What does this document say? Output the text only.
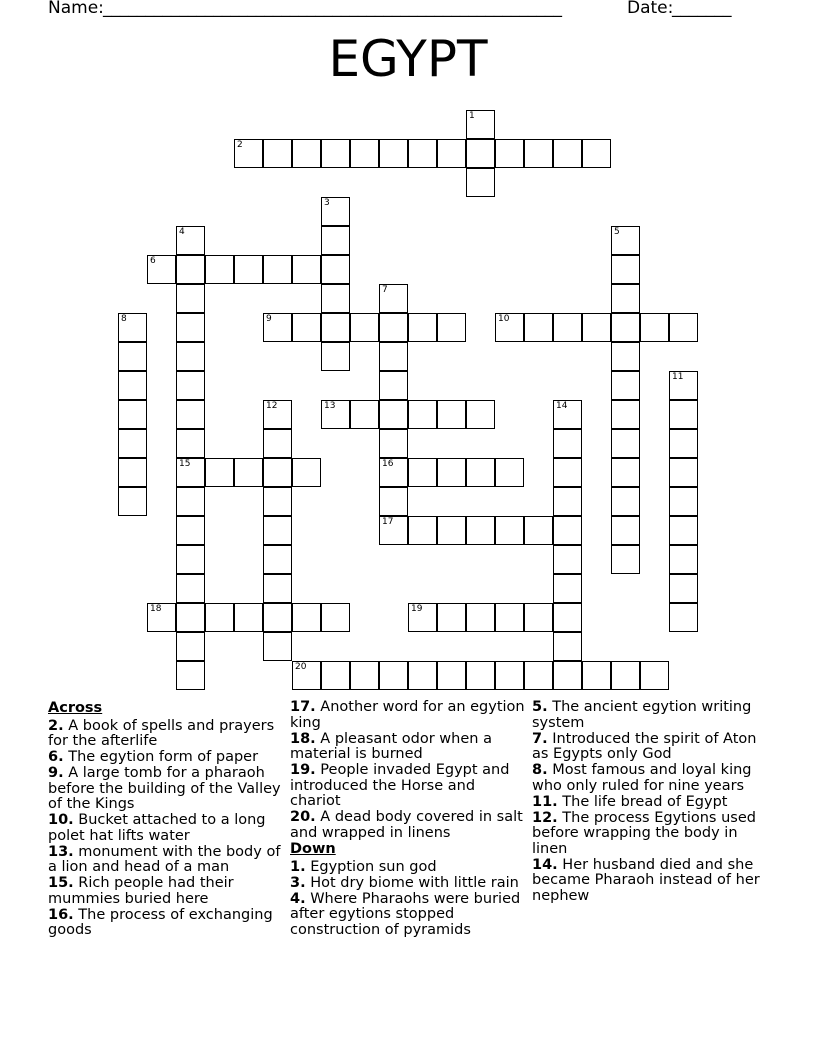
Name: ______________________________________________________	Date:
_______
EGYPT
1
2
3
4
15
5
6
7
16
17
8	9	10
11
12	13	14
18	19
20
Across
2. A book of spells and prayers for the afterlife
6. The egytion form of paper
9. A large tomb for a pharaoh before the building of the Valley of the Kings
10. Bucket attached to a long polet hat lifts water
13. monument with the body of a lion and head of a man
15. Rich people had their mummies buried here
16. The process of exchanging goods
17. Another word for an egytion king
18. A pleasant odor when a material is burned
19. People invaded Egypt and introduced the Horse and chariot
20. A dead body covered in salt and wrapped in linens
Down
1. Egyption sun god
3. Hot dry biome with little rain
4. Where Pharaohs were buried after egytions stopped construction of pyramids
5. The ancient egytion writing system
7. Introduced the spirit of Aton as Egypts only God
8. Most famous and loyal king who only ruled for nine years
11. The life bread of Egypt
12. The process Egytions used before wrapping the body in linen
14. Her husband died and she became Pharaoh instead of her nephew
